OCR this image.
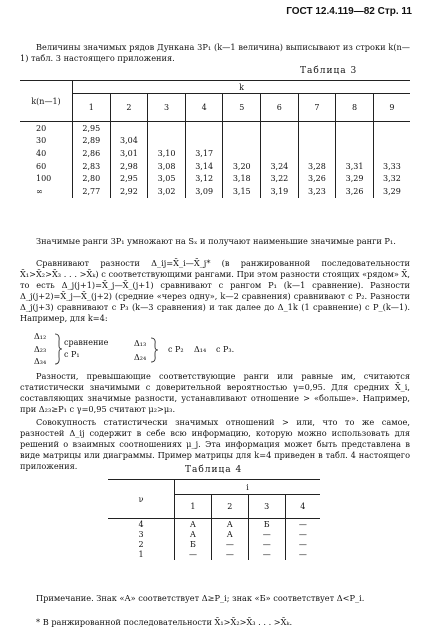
ГОСТ 12.4.119—82 Стр. 11

Величины значимых рядов Дункана 3P₁ (k—1 величина) выписывают из строки k(n—1) табл. 3 настоящего приложения.

Таблица 3
k(n—1)	k								
	1	2	3	4	5	6	7	8	9
20	2,95								
30	2,89	3,04							
40	2,86	3,01	3,10	3,17					
60	2,83	2,98	3,08	3,14	3,20	3,24	3,28	3,31	3,33
100	2,80	2,95	3,05	3,12	3,18	3,22	3,26	3,29	3,32
∞	2,77	2,92	3,02	3,09	3,15	3,19	3,23	3,26	3,29

Значимые ранги 3P₁ умножают на Sₓ и получают наименьшие значимые ранги P₁.

Сравнивают разности Δ_ij=X̄_i—X̄_j* (в ранжированной последовательности X̄₁>X̄₂>X̄₃ . . . >X̄ₖ) с соответствующими рангами. При этом разности стоящих «рядом» X̄, то есть Δ_j(j+1)=X̄_j—X̄_(j+1) сравнивают с рангом P₁ (k—1 сравнение). Разности Δ_j(j+2)=X̄_j—X̄_(j+2) (средние «через одну», k—2 сравнения) сравнивают с P₂. Разности Δ_j(j+3) сравнивают с P₃ (k—3 сравнения) и так далее до Δ_1k (1 сравнение) с P_(k—1). Например, для k=4:

Δ₁₂
Δ₂₃
Δ₃₄
сравнение
с P₁
Δ₁₃
Δ₂₄
с P₂ Δ₁₄ с P₃.

Разности, превышающие соответствующие ранги или равные им, считаются статистически значимыми с доверительной вероятностью γ=0,95. Для средних X̄_i, составляющих значимые разности, устанавливают отношение > «больше». Например, при Δ₂₃≥P₁ с γ=0,95 считают μ₂>μ₃.

Совокупность статистически значимых отношений > или, что то же самое, разностей Δ_ij содержит в себе всю информацию, которую можно использовать для решений о взаимных соотношениях μ_j. Эта информация может быть представлена в виде матрицы или диаграммы. Пример матрицы для k=4 приведен в табл. 4 настоящего приложения.	Таблица 4
ν	i			
	1	2	3	4
4	А	А	Б	—
3	А	А	—	—
2	Б	—	—	—
1	—	—	—	—

Примечание. Знак «А» соответствует Δ≥P_i; знак «Б» соответствует Δ<P_i.

* В ранжированной последовательности X̄₁>X̄₂>X̄₃ . . . >X̄ₖ.
